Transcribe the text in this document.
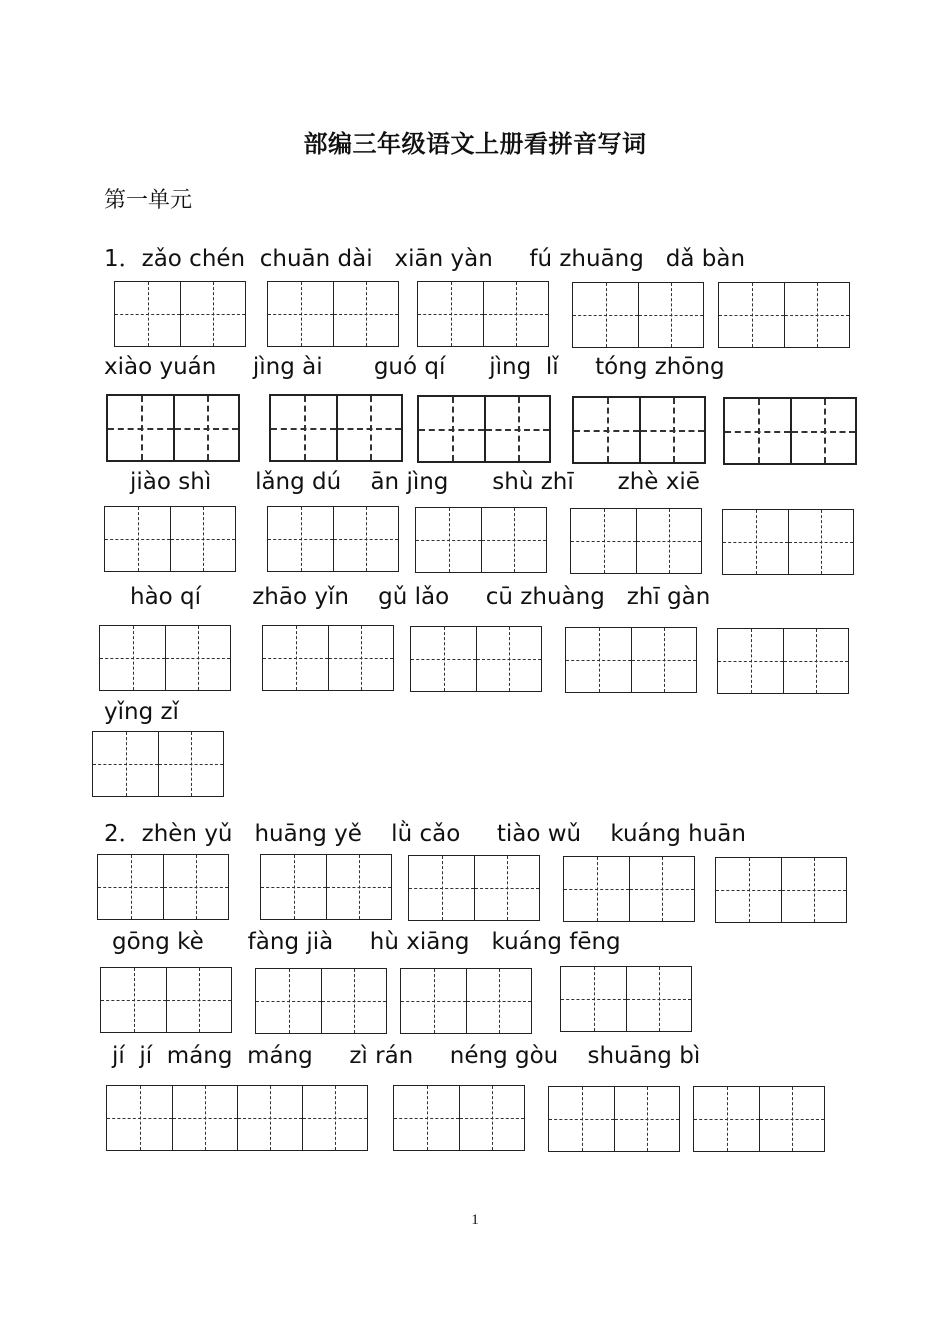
部编三年级语文上册看拼音写词
第一单元
1．zǎo chén  chuān dài   xiān yàn     fú zhuāng   dǎ bàn
xiào yuán     jìng ài       guó qí      jìng  lǐ     tóng zhōng
jiào shì      lǎng dú    ān jìng      shù zhī      zhè xiē
hào qí       zhāo yǐn    gǔ lǎo     cū zhuàng   zhī gàn
yǐng zǐ
2．zhèn yǔ   huāng yě    lǜ cǎo     tiào wǔ    kuáng huān
gōng kè      fàng jià     hù xiāng   kuáng fēng
jí  jí  máng  máng     zì rán     néng gòu    shuāng bì
1
